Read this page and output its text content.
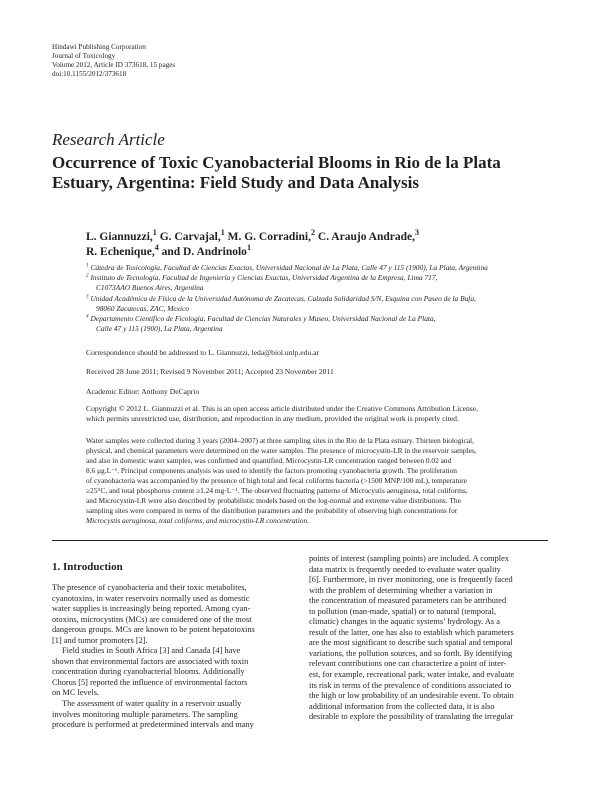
Hindawi Publishing Corporation
Journal of Toxicology
Volume 2012, Article ID 373618, 15 pages
doi:10.1155/2012/373618
Research Article
Occurrence of Toxic Cyanobacterial Blooms in Rio de la Plata
Estuary, Argentina: Field Study and Data Analysis
L. Giannuzzi,$^1$ G. Carvajal,$^1$ M. G. Corradini,$^2$ C. Araujo Andrade,$^3$
R. Echenique,$^4$ and D. Andrinolo$^1$
$^1$ Cátedra de Toxicología, Facultad de Ciencias Exactas, Universidad Nacional de La Plata, Calle 47 y 115 (1900), La Plata, Argentina
$^2$ Instituto de Tecnología, Facultad de Ingeniería y Ciencias Exactas, Universidad Argentina de la Empresa, Lima 717,
C1073AAO Buenos Aires, Argentina
$^3$ Unidad Académica de Física de la Universidad Autónoma de Zacatecas, Calzada Solidaridad S/N, Esquina con Paseo de la Bufa,
98060 Zacatecas, ZAC, Mexico
$^4$ Departamento Científico de Ficología, Facultad de Ciencias Naturales y Museo, Universidad Nacional de La Plata,
Calle 47 y 115 (1900), La Plata, Argentina
Correspondence should be addressed to L. Giannuzzi, leda@biol.unlp.edu.ar
Received 28 June 2011; Revised 9 November 2011; Accepted 23 November 2011
Academic Editor: Anthony DeCaprio
Copyright © 2012 L. Giannuzzi et al. This is an open access article distributed under the Creative Commons Attribution License,
which permits unrestricted use, distribution, and reproduction in any medium, provided the original work is properly cited.
Water samples were collected during 3 years (2004–2007) at three sampling sites in the Rio de la Plata estuary. Thirteen biological,
physical, and chemical parameters were determined on the water samples. The presence of microcystin-LR in the reservoir samples,
and also in domestic water samples, was confirmed and quantified. Microcystin-LR concentration ranged between 0.02 and
8.6 μg.L⁻¹. Principal components analysis was used to identify the factors promoting cyanobacteria growth. The proliferation
of cyanobacteria was accompanied by the presence of high total and fecal coliforms bacteria (>1500 MNP/100 mL), temperature
≥25°C, and total phosphorus content ≥1.24 mg·L⁻¹. The observed fluctuating patterns of Microcystis aeruginosa, total coliforms,
and Microcystin-LR were also described by probabilistic models based on the log-normal and extreme value distributions. The
sampling sites were compared in terms of the distribution parameters and the probability of observing high concentrations for
Microcystis aeruginosa, total coliforms, and microcystin-LR concentration.
1. Introduction
The presence of cyanobacteria and their toxic metabolites,
cyanotoxins, in water reservoirs normally used as domestic
water supplies is increasingly being reported. Among cyan-
otoxins, microcystins (MCs) are considered one of the most
dangerous groups. MCs are known to be potent hepatotoxins
[1] and tumor promoters [2].
Field studies in South Africa [3] and Canada [4] have
shown that environmental factors are associated with toxin
concentration during cyanobacterial blooms. Additionally
Chorus [5] reported the influence of environmental factors
on MC levels.
The assessment of water quality in a reservoir usually
involves monitoring multiple parameters. The sampling
procedure is performed at predetermined intervals and many
points of interest (sampling points) are included. A complex
data matrix is frequently needed to evaluate water quality
[6]. Furthermore, in river monitoring, one is frequently faced
with the problem of determining whether a variation in
the concentration of measured parameters can be attributed
to pollution (man-made, spatial) or to natural (temporal,
climatic) changes in the aquatic systems’ hydrology. As a
result of the latter, one has also to establish which parameters
are the most significant to describe such spatial and temporal
variations, the pollution sources, and so forth. By identifying
relevant contributions one can characterize a point of inter-
est, for example, recreational park, water intake, and evaluate
its risk in terms of the prevalence of conditions associated to
the high or low probability of an undesirable event. To obtain
additional information from the collected data, it is also
desirable to explore the possibility of translating the irregular
